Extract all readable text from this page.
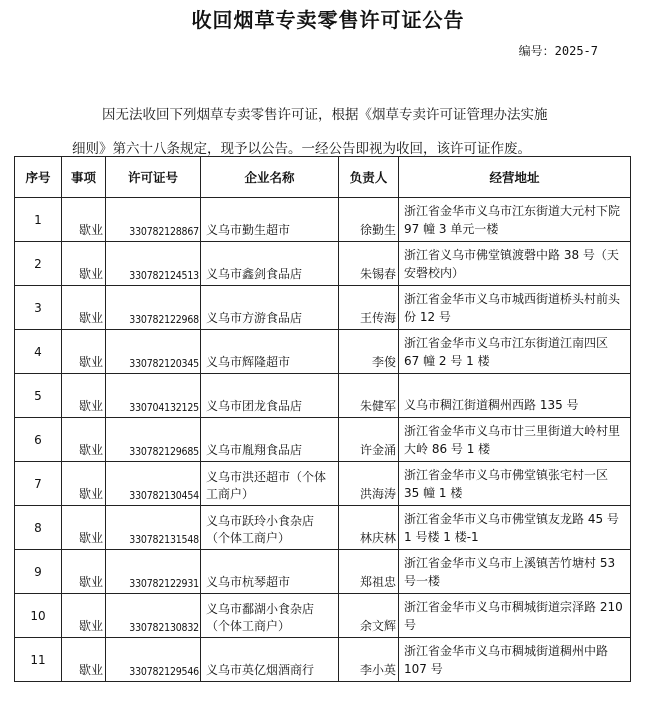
收回烟草专卖零售许可证公告
编号：2025-7

因无法收回下列烟草专卖零售许可证，根据《烟草专卖许可证管理办法实施

细则》第六十八条规定，现予以公告。一经公告即视为收回，该许可证作废。

序号	事项	许可证号	企业名称	负责人	经营地址
1	歇业	330782128867	义乌市勤生超市	徐勤生	浙江省金华市义乌市江东街道大元村下院 97 幢 3 单元一楼
2	歇业	330782124513	义乌市鑫剑食品店	朱锡春	浙江省义乌市佛堂镇渡磬中路 38 号（天安磬校内）
3	歇业	330782122968	义乌市方游食品店	王传海	浙江省金华市义乌市城西街道桥头村前头份 12 号
4	歇业	330782120345	义乌市辉隆超市	李俊	浙江省金华市义乌市江东街道江南四区 67 幢 2 号 1 楼
5	歇业	330704132125	义乌市团龙食品店	朱健军	义乌市稠江街道稠州西路 135 号
6	歇业	330782129685	义乌市胤翔食品店	许金涌	浙江省金华市义乌市廿三里街道大岭村里大岭 86 号 1 楼
7	歇业	330782130454	义乌市洪还超市（个体工商户）	洪海涛	浙江省金华市义乌市佛堂镇张宅村一区 35 幢 1 楼
8	歇业	330782131548	义乌市跃玲小食杂店（个体工商户）	林庆林	浙江省金华市义乌市佛堂镇友龙路 45 号 1 号楼 1 楼-1
9	歇业	330782122931	义乌市杭琴超市	郑祖忠	浙江省金华市义乌市上溪镇苦竹塘村 53 号一楼
10	歇业	330782130832	义乌市鄱湖小食杂店（个体工商户）	余文辉	浙江省金华市义乌市稠城街道宗泽路 210 号
11	歇业	330782129546	义乌市英亿烟酒商行	李小英	浙江省金华市义乌市稠城街道稠州中路 107 号
